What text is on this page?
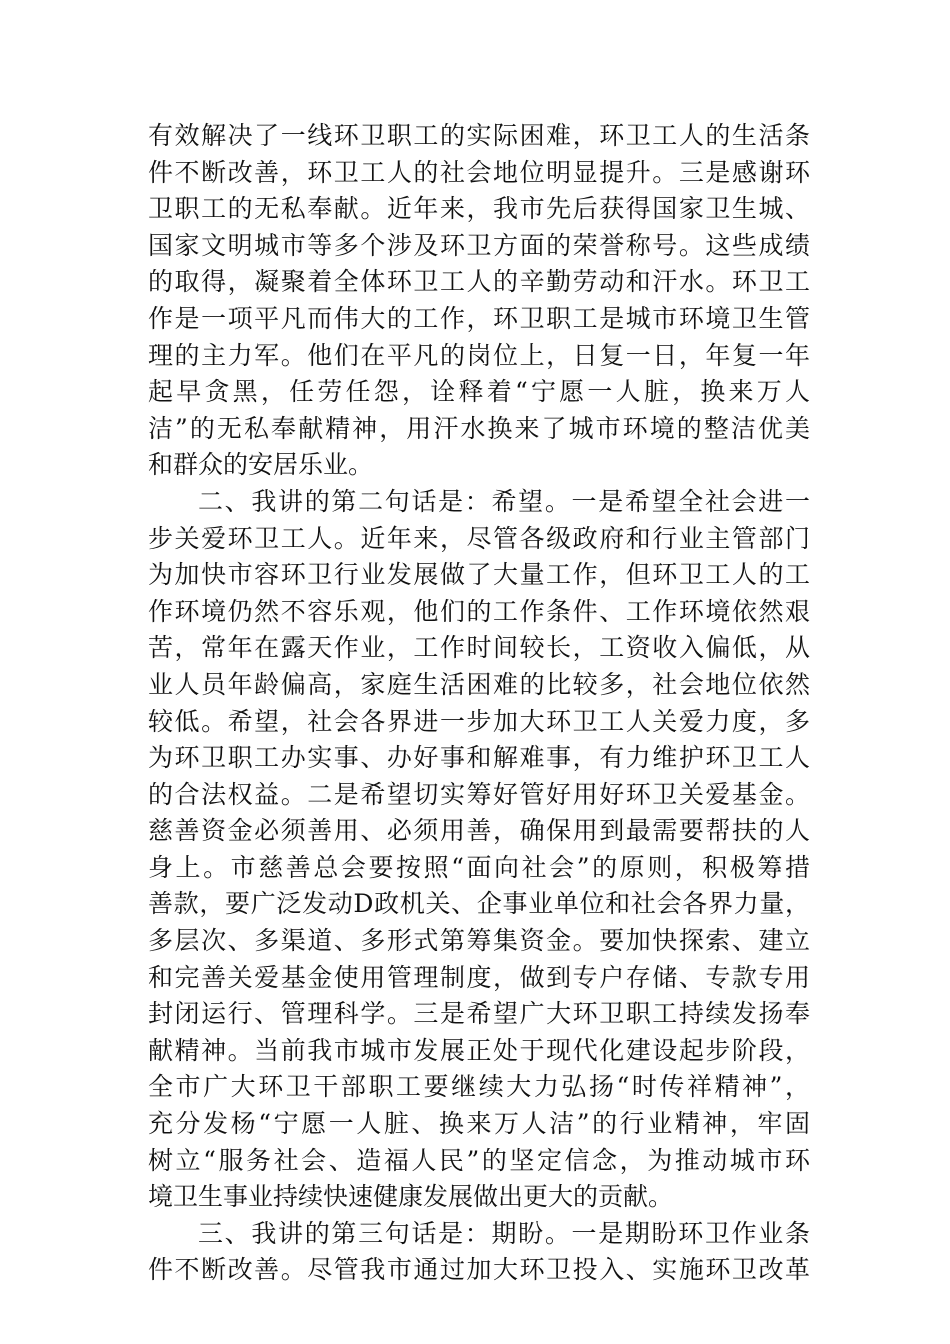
有效解决了一线环卫职工的实际困难，环卫工人的生活条
件不断改善，环卫工人的社会地位明显提升。三是感谢环
卫职工的无私奉献。近年来，我市先后获得国家卫生城、
国家文明城市等多个涉及环卫方面的荣誉称号。这些成绩
的取得，凝聚着全体环卫工人的辛勤劳动和汗水。环卫工
作是一项平凡而伟大的工作，环卫职工是城市环境卫生管
理的主力军。他们在平凡的岗位上，日复一日，年复一年
起早贪黑，任劳任怨，诠释着“宁愿一人脏，换来万人
洁”的无私奉献精神，用汗水换来了城市环境的整洁优美
和群众的安居乐业。
二、我讲的第二句话是：希望。一是希望全社会进一
步关爱环卫工人。近年来，尽管各级政府和行业主管部门
为加快市容环卫行业发展做了大量工作，但环卫工人的工
作环境仍然不容乐观，他们的工作条件、工作环境依然艰
苦，常年在露天作业，工作时间较长，工资收入偏低，从
业人员年龄偏高，家庭生活困难的比较多，社会地位依然
较低。希望，社会各界进一步加大环卫工人关爱力度，多
为环卫职工办实事、办好事和解难事，有力维护环卫工人
的合法权益。二是希望切实筹好管好用好环卫关爱基金。
慈善资金必须善用、必须用善，确保用到最需要帮扶的人
身上。市慈善总会要按照“面向社会”的原则，积极筹措
善款，要广泛发动D政机关、企事业单位和社会各界力量，
多层次、多渠道、多形式第筹集资金。要加快探索、建立
和完善关爱基金使用管理制度，做到专户存储、专款专用
封闭运行、管理科学。三是希望广大环卫职工持续发扬奉
献精神。当前我市城市发展正处于现代化建设起步阶段，
全市广大环卫干部职工要继续大力弘扬“时传祥精神”，
充分发杨“宁愿一人脏、换来万人洁”的行业精神，牢固
树立“服务社会、造福人民”的坚定信念，为推动城市环
境卫生事业持续快速健康发展做出更大的贡献。
三、我讲的第三句话是：期盼。一是期盼环卫作业条
件不断改善。尽管我市通过加大环卫投入、实施环卫改革
